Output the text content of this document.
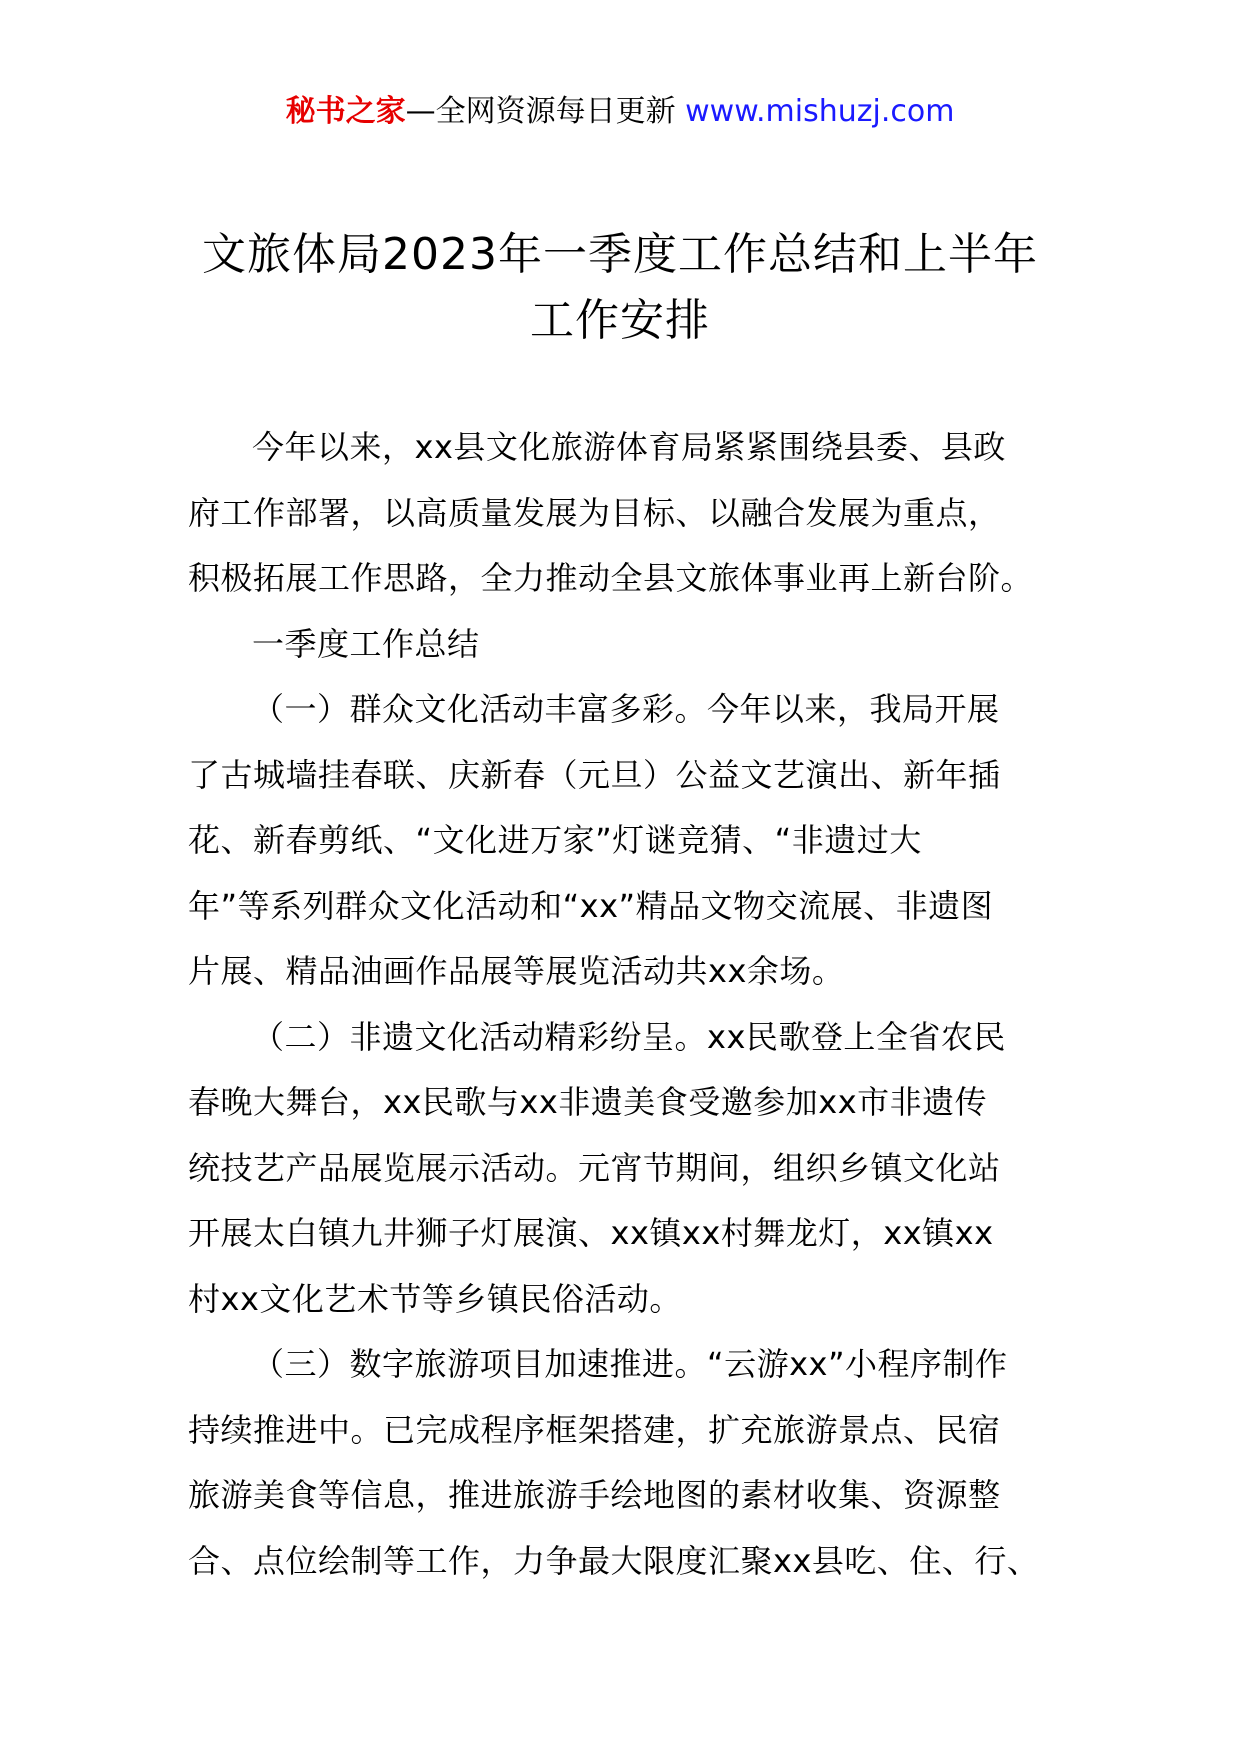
秘书之家—全网资源每日更新 www.mishuzj.com
文旅体局2023年一季度工作总结和上半年
工作安排

今年以来，xx县文化旅游体育局紧紧围绕县委、县政
府工作部署，以高质量发展为目标、以融合发展为重点，
积极拓展工作思路，全力推动全县文旅体事业再上新台阶。

一季度工作总结

（一）群众文化活动丰富多彩。今年以来，我局开展
了古城墙挂春联、庆新春（元旦）公益文艺演出、新年插
花、新春剪纸、“文化进万家”灯谜竞猜、“非遗过大
年”等系列群众文化活动和“xx”精品文物交流展、非遗图
片展、精品油画作品展等展览活动共xx余场。

（二）非遗文化活动精彩纷呈。xx民歌登上全省农民
春晚大舞台，xx民歌与xx非遗美食受邀参加xx市非遗传
统技艺产品展览展示活动。元宵节期间，组织乡镇文化站
开展太白镇九井狮子灯展演、xx镇xx村舞龙灯，xx镇xx
村xx文化艺术节等乡镇民俗活动。

（三）数字旅游项目加速推进。“云游xx”小程序制作
持续推进中。已完成程序框架搭建，扩充旅游景点、民宿
旅游美食等信息，推进旅游手绘地图的素材收集、资源整
合、点位绘制等工作，力争最大限度汇聚xx县吃、住、行、
